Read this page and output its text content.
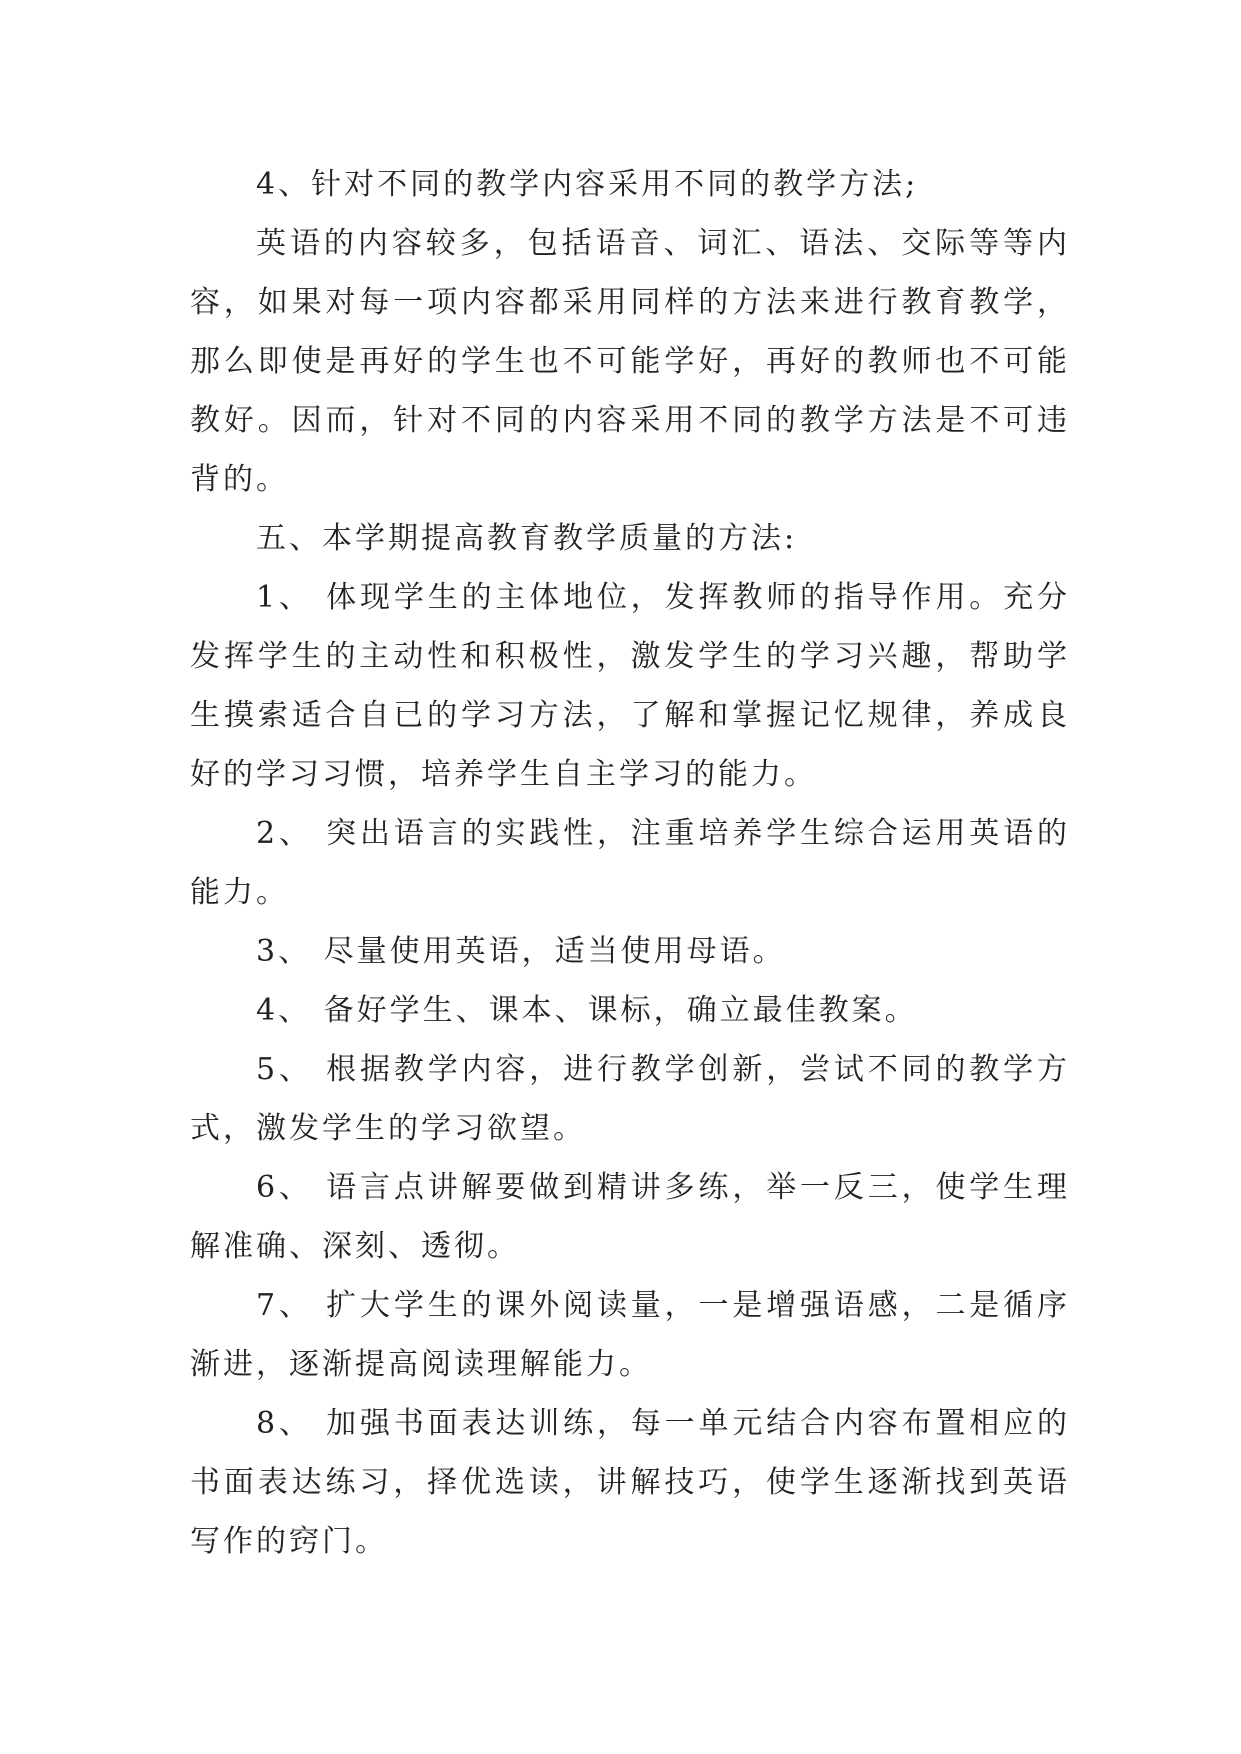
4、针对不同的教学内容采用不同的教学方法;

英语的内容较多，包括语音、词汇、语法、交际等等内容，如果对每一项内容都采用同样的方法来进行教育教学，那么即使是再好的学生也不可能学好，再好的教师也不可能教好。因而，针对不同的内容采用不同的教学方法是不可违背的。

五、本学期提高教育教学质量的方法:

1、 体现学生的主体地位，发挥教师的指导作用。充分发挥学生的主动性和积极性，激发学生的学习兴趣，帮助学生摸索适合自已的学习方法，了解和掌握记忆规律，养成良好的学习习惯，培养学生自主学习的能力。

2、 突出语言的实践性，注重培养学生综合运用英语的能力。

3、 尽量使用英语，适当使用母语。

4、 备好学生、课本、课标，确立最佳教案。

5、 根据教学内容，进行教学创新，尝试不同的教学方式，激发学生的学习欲望。

6、 语言点讲解要做到精讲多练，举一反三，使学生理解准确、深刻、透彻。

7、 扩大学生的课外阅读量，一是增强语感，二是循序渐进，逐渐提高阅读理解能力。

8、 加强书面表达训练，每一单元结合内容布置相应的书面表达练习，择优选读，讲解技巧，使学生逐渐找到英语写作的窍门。
